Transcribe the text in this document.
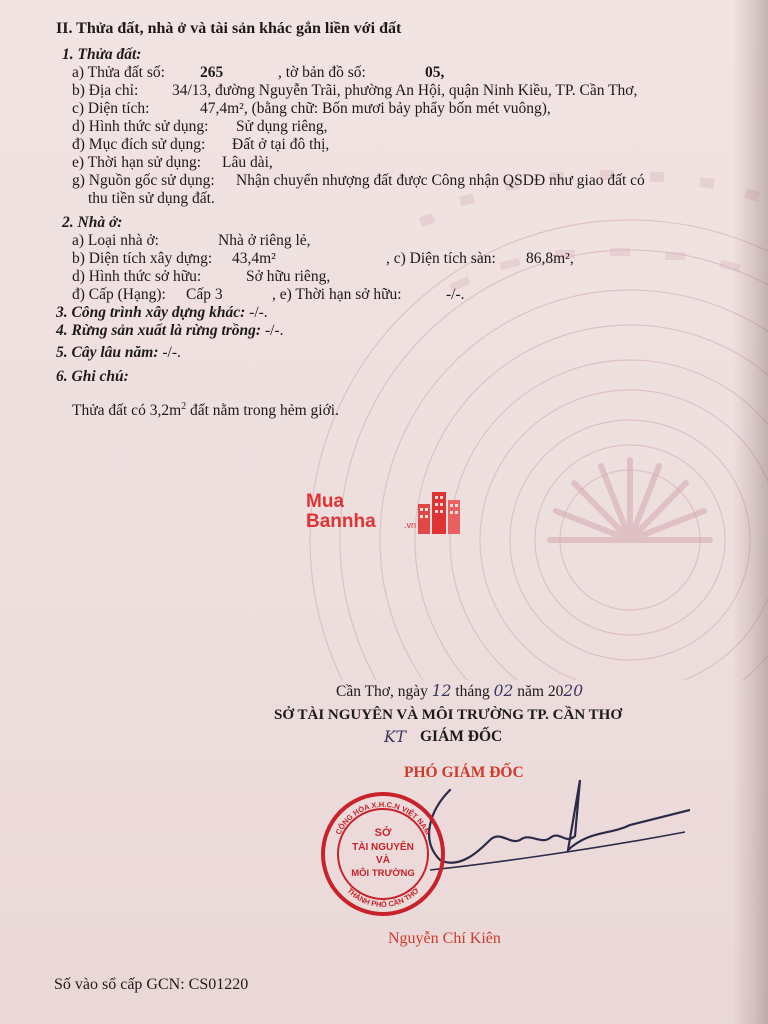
II. Thửa đất, nhà ở và tài sản khác gắn liền với đất
1. Thửa đất:
a) Thửa đất số: 265	, tờ bản đồ số:	05,
b) Địa chỉ: 34/13, đường Nguyễn Trãi, phường An Hội, quận Ninh Kiều, TP. Cần Thơ,
c) Diện tích:	47,4m², (bằng chữ: Bốn mươi bảy phẩy bốn mét vuông),
d) Hình thức sử dụng: Sử dụng riêng,
đ) Mục đích sử dụng: Đất ở tại đô thị,
e) Thời hạn sử dụng: Lâu dài,
g) Nguồn gốc sử dụng: Nhận chuyển nhượng đất được Công nhận QSDĐ như giao đất có
thu tiền sử dụng đất.
2. Nhà ở:
a) Loại nhà ở:	Nhà ở riêng lẻ,
b) Diện tích xây dựng: 43,4m²	, c) Diện tích sàn: 86,8m²,
d) Hình thức sở hữu:	Sở hữu riêng,
đ) Cấp (Hạng): Cấp 3	, e) Thời hạn sở hữu:	-/-.
3. Công trình xây dựng khác: -/-.
4. Rừng sản xuất là rừng trồng: -/-.
5. Cây lâu năm: -/-.
6. Ghi chú:
Thửa đất có $3,2m^2$ đất nằm trong hẻm giới.
Mua
Bannha	.vn
Cần Thơ, ngày 12 tháng 02 năm 2020
SỞ TÀI NGUYÊN VÀ MÔI TRƯỜNG TP. CẦN THƠ
KT GIÁM ĐỐC
PHÓ GIÁM ĐỐC
CỘNG HÒA X.H.C.N VIỆT NAM
THÀNH PHỐ CẦN THƠ
SỞ
TÀI NGUYÊN
VÀ
MÔI TRƯỜNG
Nguyễn Chí Kiên
Số vào sổ cấp GCN: CS01220
